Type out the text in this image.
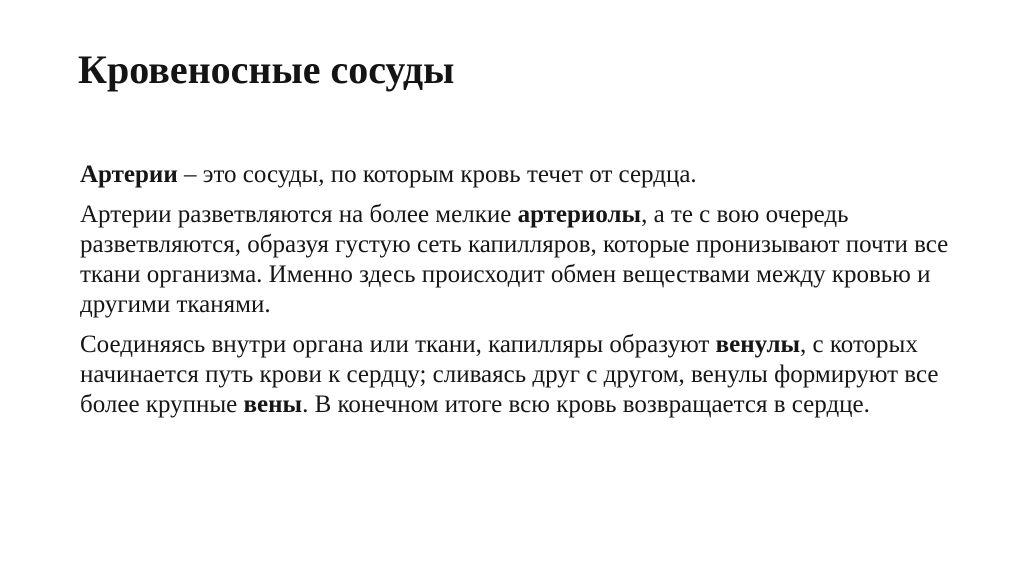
Кровеносные сосуды

Артерии – это сосуды, по которым кровь течет от сердца.

Артерии разветвляются на более мелкие артериолы, а те с вою очередь разветвляются, образуя густую сеть капилляров, которые пронизывают почти все ткани организма. Именно здесь происходит обмен веществами между кровью и другими тканями.

Соединяясь внутри органа или ткани, капилляры образуют венулы, с которых начинается путь крови к сердцу; сливаясь друг с другом, венулы формируют все более крупные вены. В конечном итоге всю кровь возвращается в сердце.
